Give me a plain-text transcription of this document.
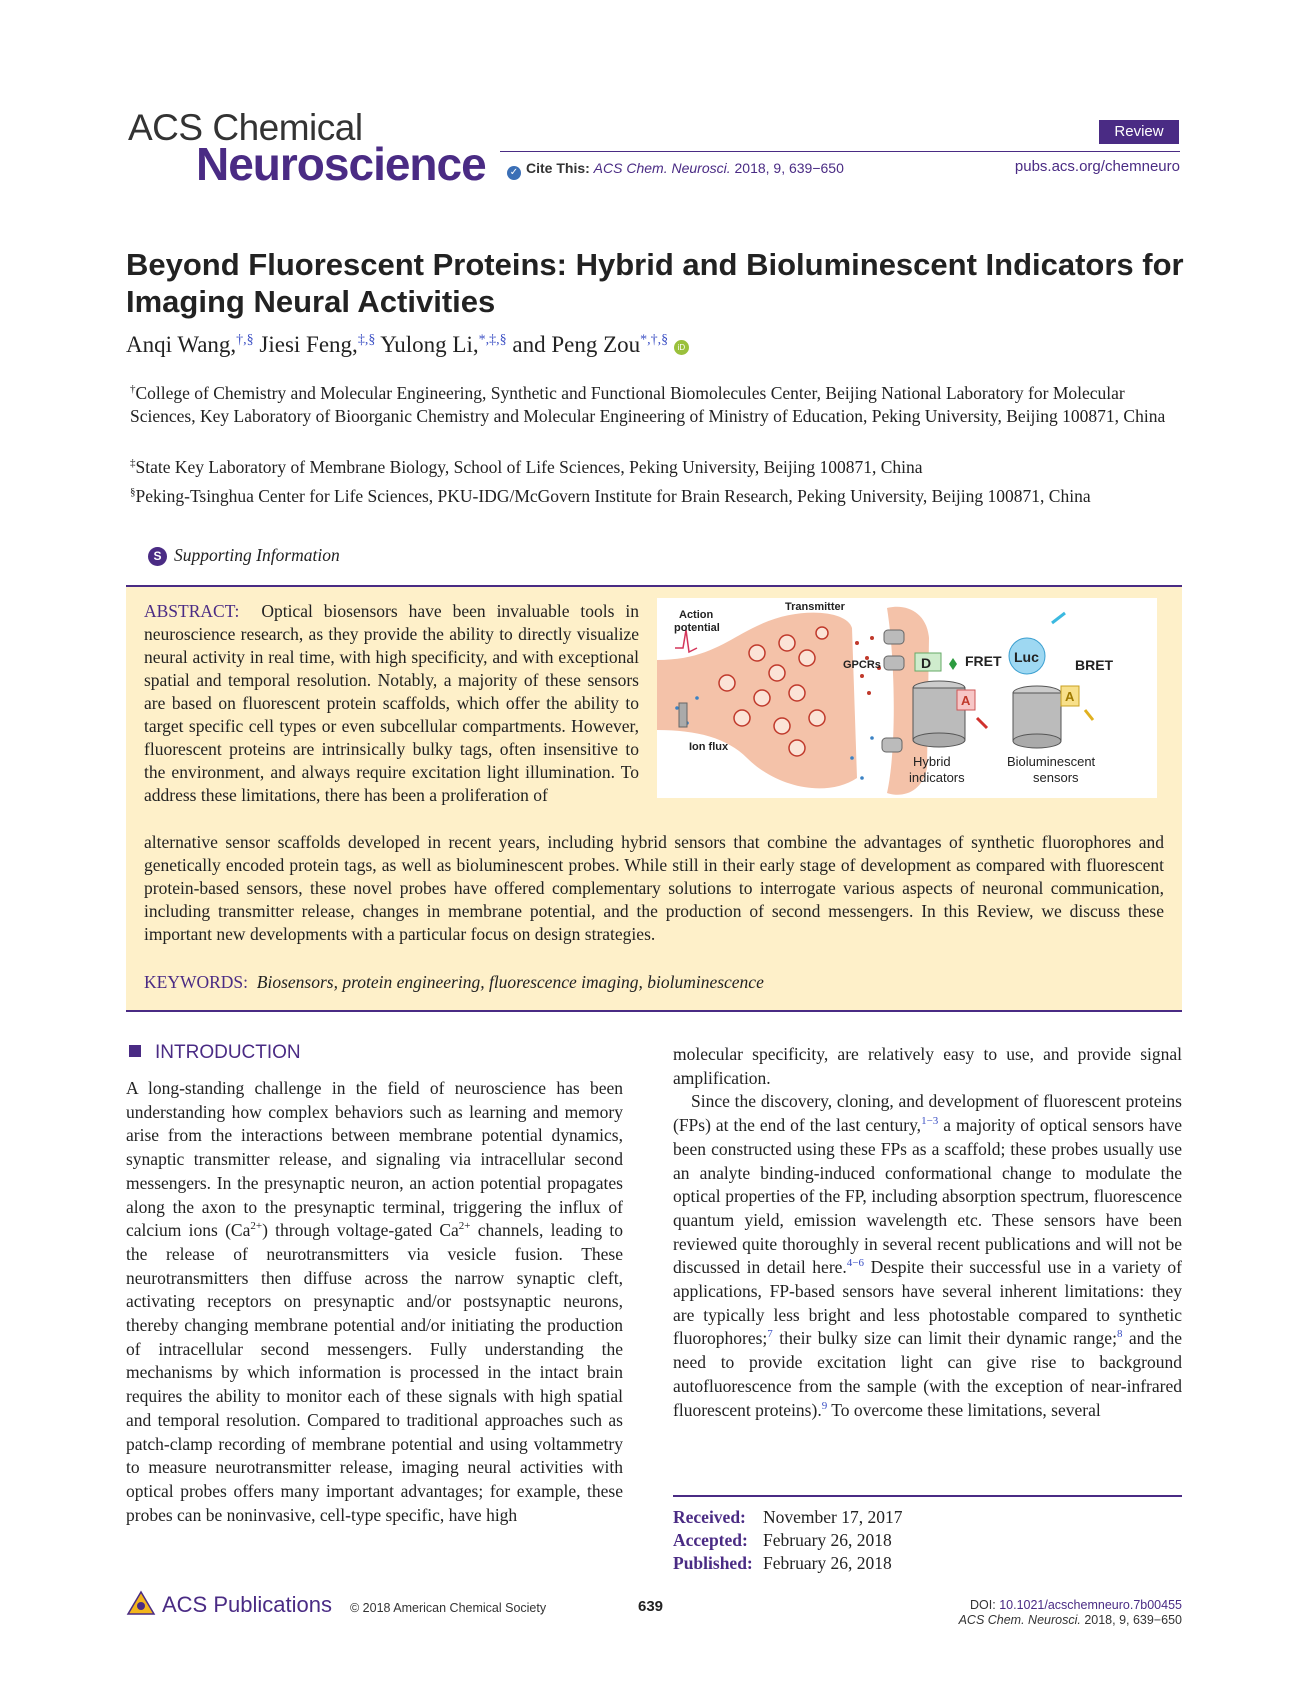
ACS Chemical
Neuroscience
Review
✓ Cite This: ACS Chem. Neurosci. 2018, 9, 639−650	pubs.acs.org/chemneuro
Beyond Fluorescent Proteins: Hybrid and Bioluminescent Indicators for Imaging Neural Activities
Anqi Wang,†,§ Jiesi Feng,‡,§ Yulong Li,*,‡,§ and Peng Zou*,†,§ iD
†College of Chemistry and Molecular Engineering, Synthetic and Functional Biomolecules Center, Beijing National Laboratory for Molecular Sciences, Key Laboratory of Bioorganic Chemistry and Molecular Engineering of Ministry of Education, Peking University, Beijing 100871, China
‡State Key Laboratory of Membrane Biology, School of Life Sciences, Peking University, Beijing 100871, China
§Peking-Tsinghua Center for Life Sciences, PKU-IDG/McGovern Institute for Brain Research, Peking University, Beijing 100871, China
S Supporting Information
ABSTRACT: Optical biosensors have been invaluable tools in neuroscience research, as they provide the ability to directly visualize neural activity in real time, with high specificity, and with exceptional spatial and temporal resolution. Notably, a majority of these sensors are based on fluorescent protein scaffolds, which offer the ability to target specific cell types or even subcellular compartments. However, fluorescent proteins are intrinsically bulky tags, often insensitive to the environment, and always require excitation light illumination. To address these limitations, there has been a proliferation of
alternative sensor scaffolds developed in recent years, including hybrid sensors that combine the advantages of synthetic fluorophores and genetically encoded protein tags, as well as bioluminescent probes. While still in their early stage of development as compared with fluorescent protein-based sensors, these novel probes have offered complementary solutions to interrogate various aspects of neuronal communication, including transmitter release, changes in membrane potential, and the production of second messengers. In this Review, we discuss these important new developments with a particular focus on design strategies.
KEYWORDS: Biosensors, protein engineering, fluorescence imaging, bioluminescence
Action
potential
Transmitter
GPCRs
Ion flux
D FRET
A
Hybrid
indicators
Luc	BRET
A
Bioluminescent
sensors
INTRODUCTION

A long-standing challenge in the field of neuroscience has been understanding how complex behaviors such as learning and memory arise from the interactions between membrane potential dynamics, synaptic transmitter release, and signaling via intracellular second messengers. In the presynaptic neuron, an action potential propagates along the axon to the presynaptic terminal, triggering the influx of calcium ions $(Ca^{2+})$ through voltage-gated $Ca^{2+}$ channels, leading to the release of neurotransmitters via vesicle fusion. These neurotransmitters then diffuse across the narrow synaptic cleft, activating receptors on presynaptic and/or postsynaptic neurons, thereby changing membrane potential and/or initiating the production of intracellular second messengers. Fully understanding the mechanisms by which information is processed in the intact brain requires the ability to monitor each of these signals with high spatial and temporal resolution. Compared to traditional approaches such as patch-clamp recording of membrane potential and using voltammetry to measure neurotransmitter release, imaging neural activities with optical probes offers many important advantages; for example, these probes can be noninvasive, cell-type specific, have high

molecular specificity, are relatively easy to use, and provide signal amplification.

Since the discovery, cloning, and development of fluorescent proteins (FPs) at the end of the last century,$^{1-3}$ a majority of optical sensors have been constructed using these FPs as a scaffold; these probes usually use an analyte binding-induced conformational change to modulate the optical properties of the FP, including absorption spectrum, fluorescence quantum yield, emission wavelength etc. These sensors have been reviewed quite thoroughly in several recent publications and will not be discussed in detail here.$^{4-6}$ Despite their successful use in a variety of applications, FP-based sensors have several inherent limitations: they are typically less bright and less photostable compared to synthetic fluorophores;$^7$ their bulky size can limit their dynamic range;$^8$ and the need to provide excitation light can give rise to background autofluorescence from the sample (with the exception of near-infrared fluorescent proteins).$^9$ To overcome these limitations, several

Received: November 17, 2017
Accepted: February 26, 2018
Published: February 26, 2018
ACS Publications © 2018 American Chemical Society	639	DOI: 10.1021/acschemneuro.7b00455
ACS Chem. Neurosci. 2018, 9, 639−650
